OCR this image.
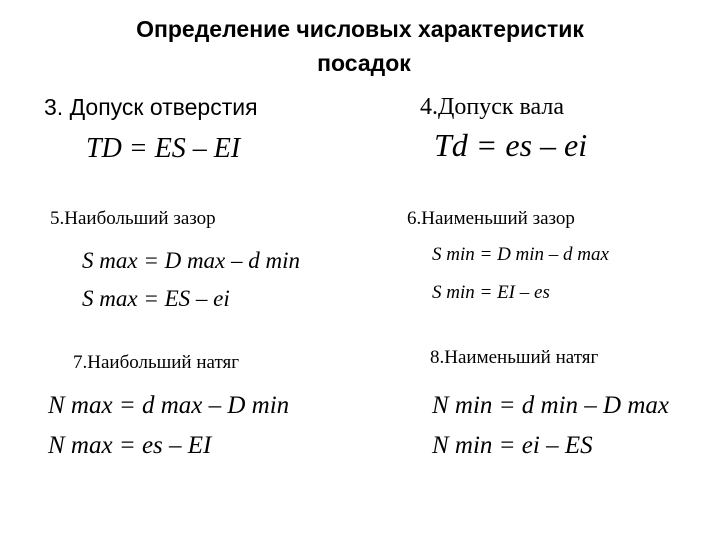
Определение числовых характеристик
посадок
3. Допуск отверстия
TD = ES – EI
4.Допуск вала
Td = es – ei
5.Наибольший зазор
S max = D max – d min
S max = ES – ei
6.Наименьший зазор
S min = D min – d max
S min = EI – es
7.Наибольший натяг
N max = d max – D min
N max = es – EI
8.Наименьший натяг
N min = d min – D max
N min = ei – ES
